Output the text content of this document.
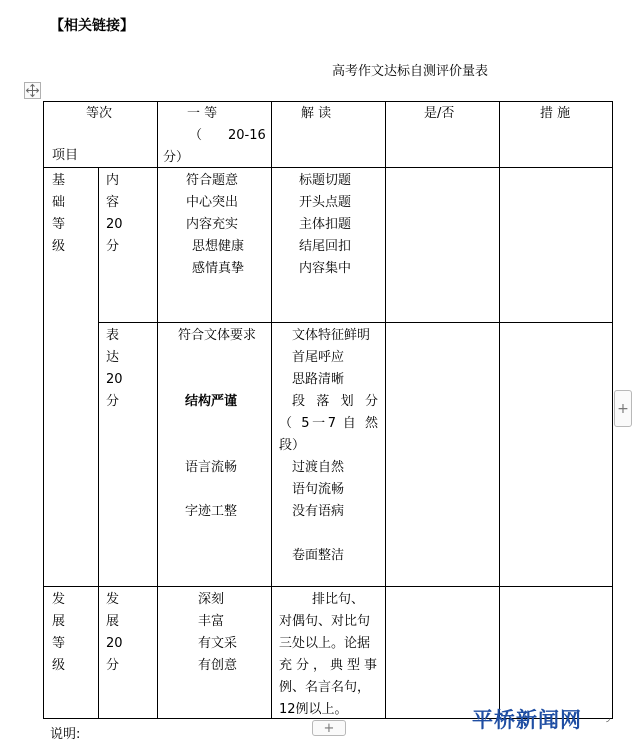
【相关链接】
高考作文达标自测评价量表
等次
项目
一 等
（ 20-16
分）
解 读	是/否	措 施
基
础
等
级
内
容
20
分
符合题意
中心突出
内容充实
思想健康
感情真挚
标题切题
开头点题
主体扣题
结尾回扣
内容集中
表
达
20
分
符合文体要求
结构严谨
语言流畅
字迹工整
文体特征鲜明
首尾呼应
思路清晰
段 落 划 分
（ 5一7 自 然
段）
过渡自然
语句流畅
没有语病
卷面整洁
发
展
等
级
发
展
20
分
深刻
丰富
有文采
有创意
排比句、
对偶句、对比句
三处以上。论据
充分，典型事
例、名言名句，
12例以上。
+
+
◞
说明:
平桥新闻网
